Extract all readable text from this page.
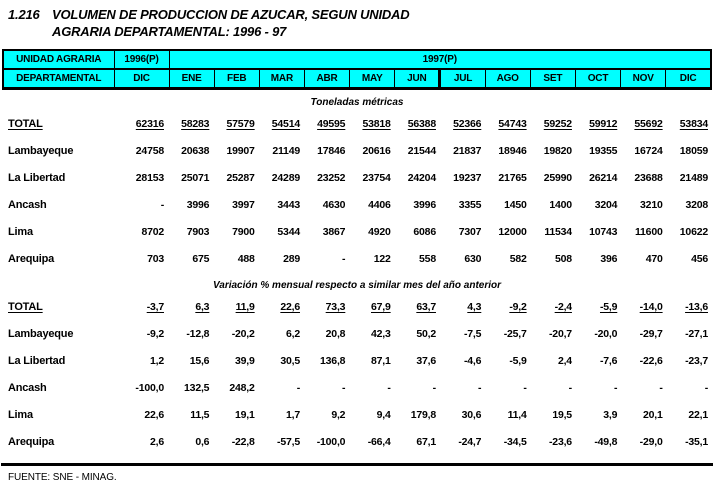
1.216 VOLUMEN DE PRODUCCION DE AZUCAR, SEGUN UNIDAD
AGRARIA DEPARTAMENTAL: 1996 - 97
UNIDAD AGRARIA	1996(P)	1997(P)											
DEPARTAMENTAL	DIC	ENE	FEB	MAR	ABR	MAY	JUN	JUL	AGO	SET	OCT	NOV	DIC
Toneladas métricas
TOTAL	62316	58283	57579	54514	49595	53818	56388	52366	54743	59252	59912	55692	53834
Lambayeque	24758	20638	19907	21149	17846	20616	21544	21837	18946	19820	19355	16724	18059
La Libertad	28153	25071	25287	24289	23252	23754	24204	19237	21765	25990	26214	23688	21489
Ancash	-	3996	3997	3443	4630	4406	3996	3355	1450	1400	3204	3210	3208
Lima	8702	7903	7900	5344	3867	4920	6086	7307	12000	11534	10743	11600	10622
Arequipa	703	675	488	289	-	122	558	630	582	508	396	470	456
Variación % mensual respecto a similar mes del año anterior
TOTAL	-3,7	6,3	11,9	22,6	73,3	67,9	63,7	4,3	-9,2	-2,4	-5,9	-14,0	-13,6
Lambayeque	-9,2	-12,8	-20,2	6,2	20,8	42,3	50,2	-7,5	-25,7	-20,7	-20,0	-29,7	-27,1
La Libertad	1,2	15,6	39,9	30,5	136,8	87,1	37,6	-4,6	-5,9	2,4	-7,6	-22,6	-23,7
Ancash	-100,0	132,5	248,2	-	-	-	-	-	-	-	-	-	-
Lima	22,6	11,5	19,1	1,7	9,2	9,4	179,8	30,6	11,4	19,5	3,9	20,1	22,1
Arequipa	2,6	0,6	-22,8	-57,5	-100,0	-66,4	67,1	-24,7	-34,5	-23,6	-49,8	-29,0	-35,1
FUENTE: SNE - MINAG.
